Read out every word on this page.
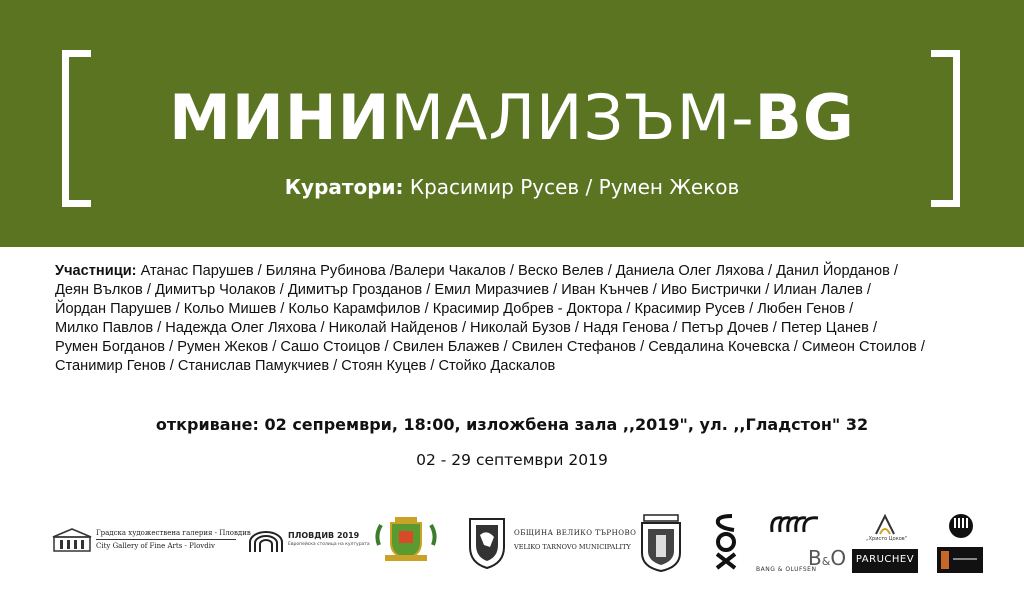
МИНИМАЛИЗЪМ-BG
Куратори: Красимир Русев / Румен Жеков
Участници: Атанас Парушев / Биляна Рубинова /Валери Чакалов / Веско Велев / Даниела Олег Ляхова / Данил Йорданов /
Деян Вълков / Димитър Чолаков / Димитър Грозданов / Емил Миразчиев / Иван Кънчев / Иво Бистрички / Илиан Лалев /
Йордан Парушев / Кольо Мишев / Кольо Карамфилов / Красимир Добрев - Доктора / Красимир Русев / Любен Генов /
Милко Павлов / Надежда Олег Ляхова / Николай Найденов / Николай Бузов / Надя Генова / Петър Дочев / Петер Цанев /
Румен Богданов / Румен Жеков / Сашо Стоицов / Свилен Блажев / Свилен Стефанов / Севдалина Кочевска / Симеон Стоилов /
Станимир Генов / Станислав Памукчиев / Стоян Куцев / Стойко Даскалов
откриване: 02 сепрември, 18:00, изложбена зала ,,2019", ул. ,,Гладстон" 32
02 - 29 септември 2019
Градска художествена галерия - Пловдив
City Gallery of Fine Arts - Plovdiv
ПЛОВДИВ 2019
Европейска столица на културата
ОБЩИНА ВЕЛИКО ТЪРНОВО
VELIKO TARNOVO MUNICIPALITY
BANG & OLUFSEN
B&O
„Христо Цоков"
PARUCHEV
